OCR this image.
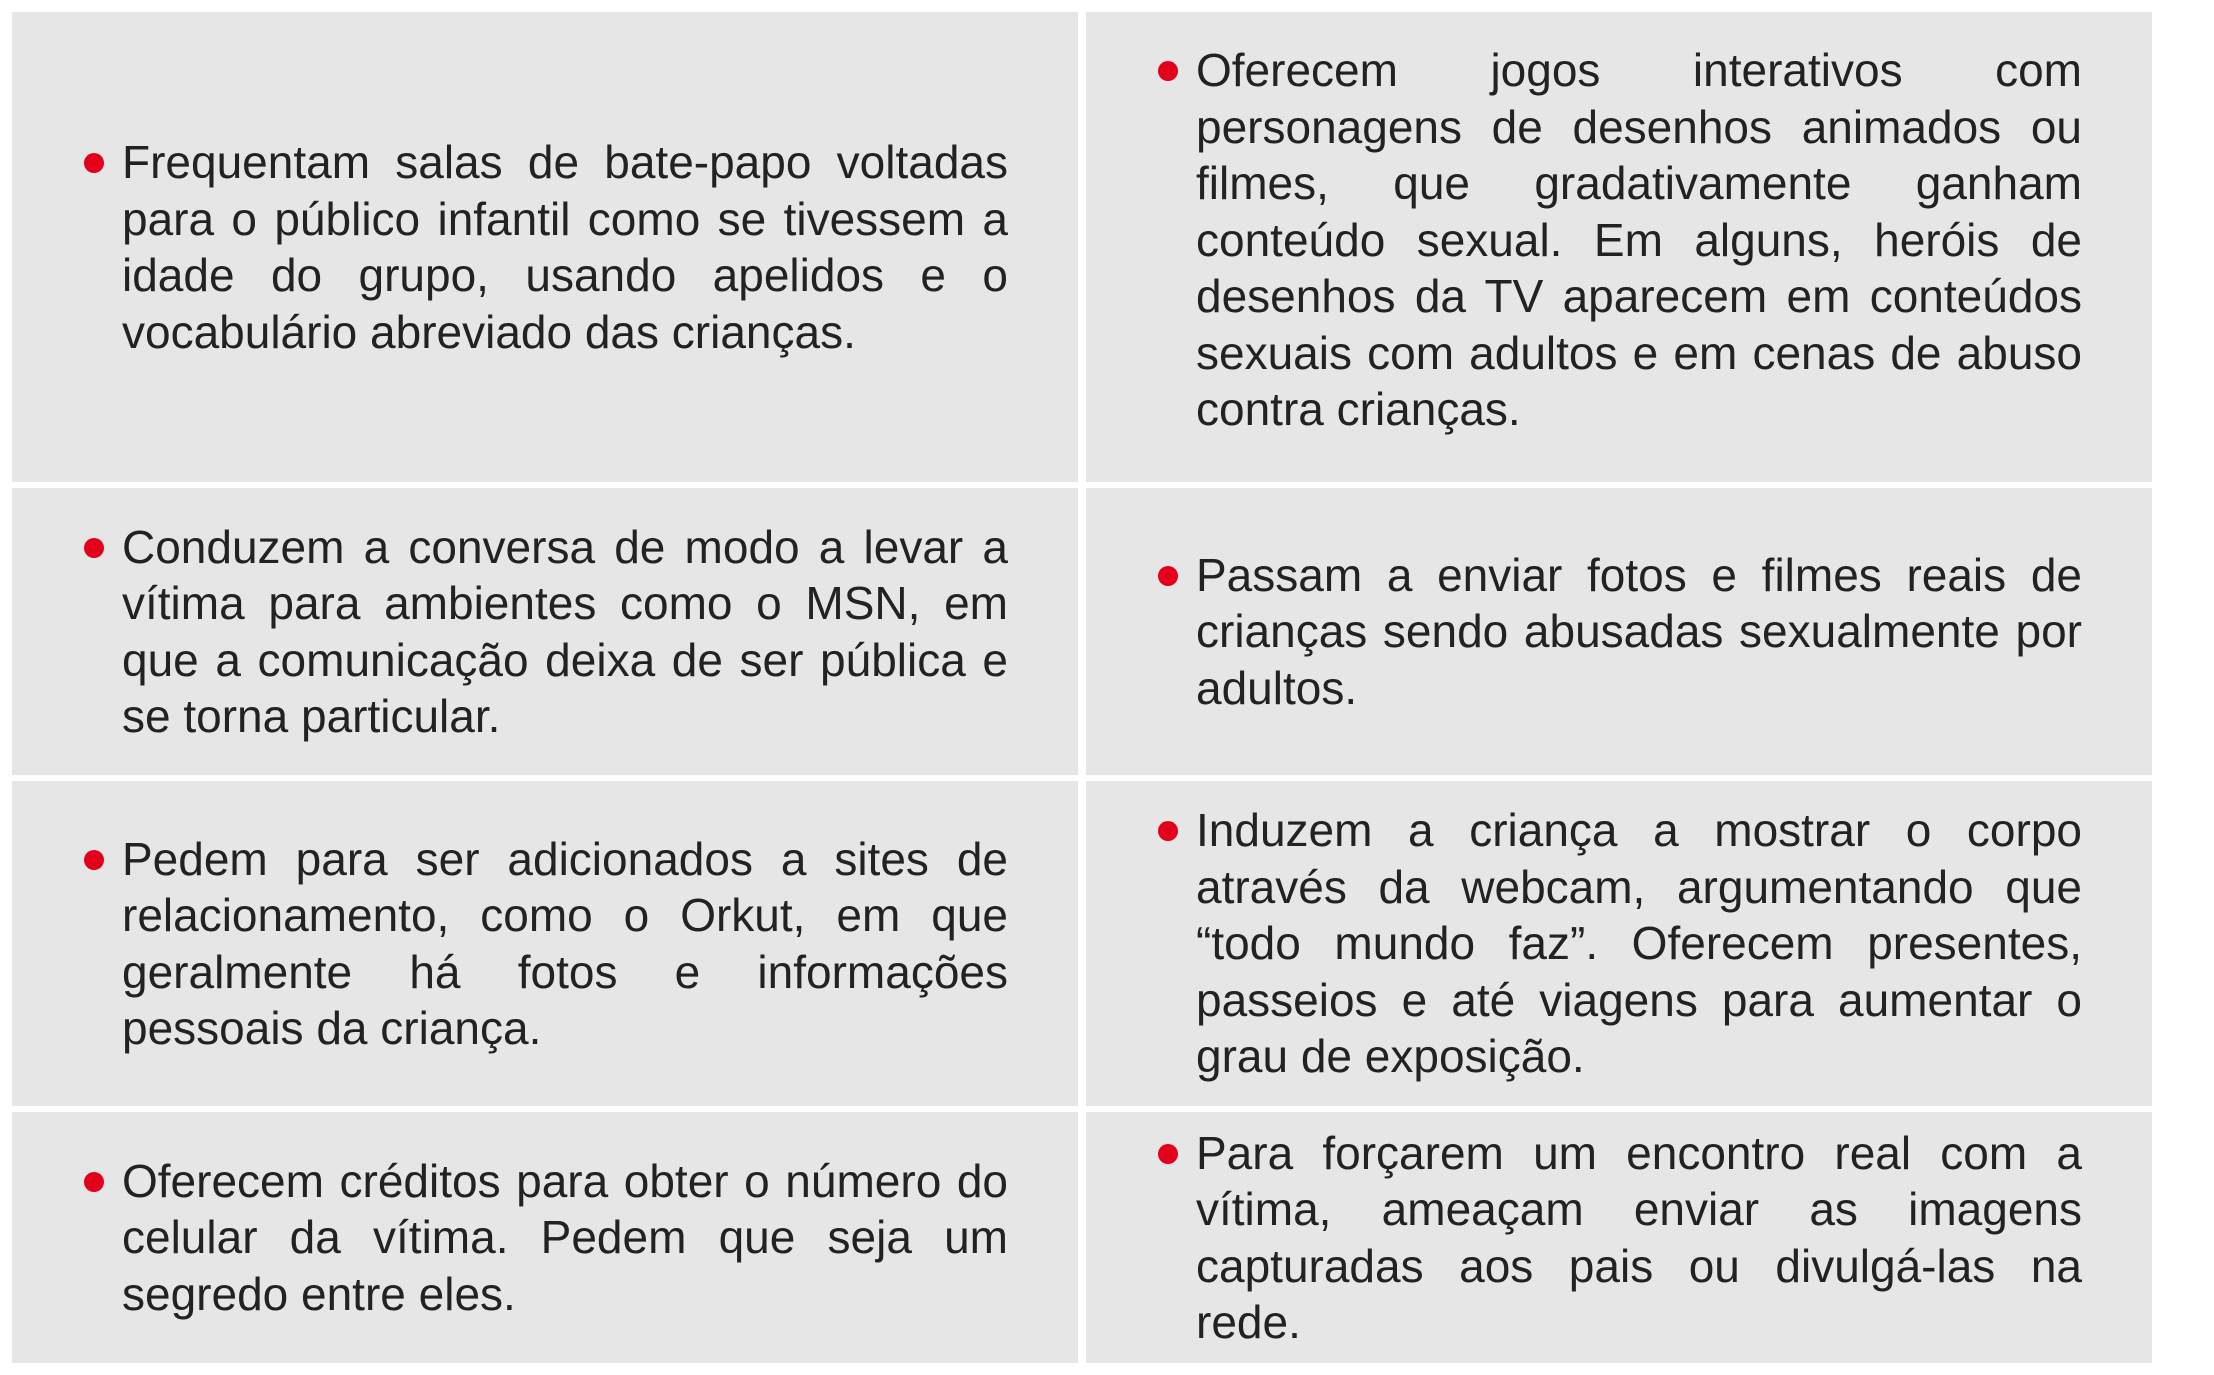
Frequentam salas de bate-papo voltadas para o público infantil como se tivessem a idade do grupo, usando apelidos e o vocabulário abreviado das crianças.
Oferecem jogos interativos com personagens de desenhos animados ou filmes, que gradativamente ganham conteúdo sexual. Em alguns, heróis de desenhos da TV aparecem em conteúdos sexuais com adultos e em cenas de abuso contra crianças.
Conduzem a conversa de modo a levar a vítima para ambientes como o MSN, em que a comunicação deixa de ser pública e se torna particular.
Passam a enviar fotos e filmes reais de crianças sendo abusadas sexualmente por adultos.
Pedem para ser adicionados a sites de relacionamento, como o Orkut, em que geralmente há fotos e informações pessoais da criança.
Induzem a criança a mostrar o corpo através da webcam, argumentando que “todo mundo faz”. Oferecem presentes, passeios e até viagens para aumentar o grau de exposição.
Oferecem créditos para obter o número do celular da vítima. Pedem que seja um segredo entre eles.
Para forçarem um encontro real com a vítima, ameaçam enviar as imagens capturadas aos pais ou divulgá-las na rede.
